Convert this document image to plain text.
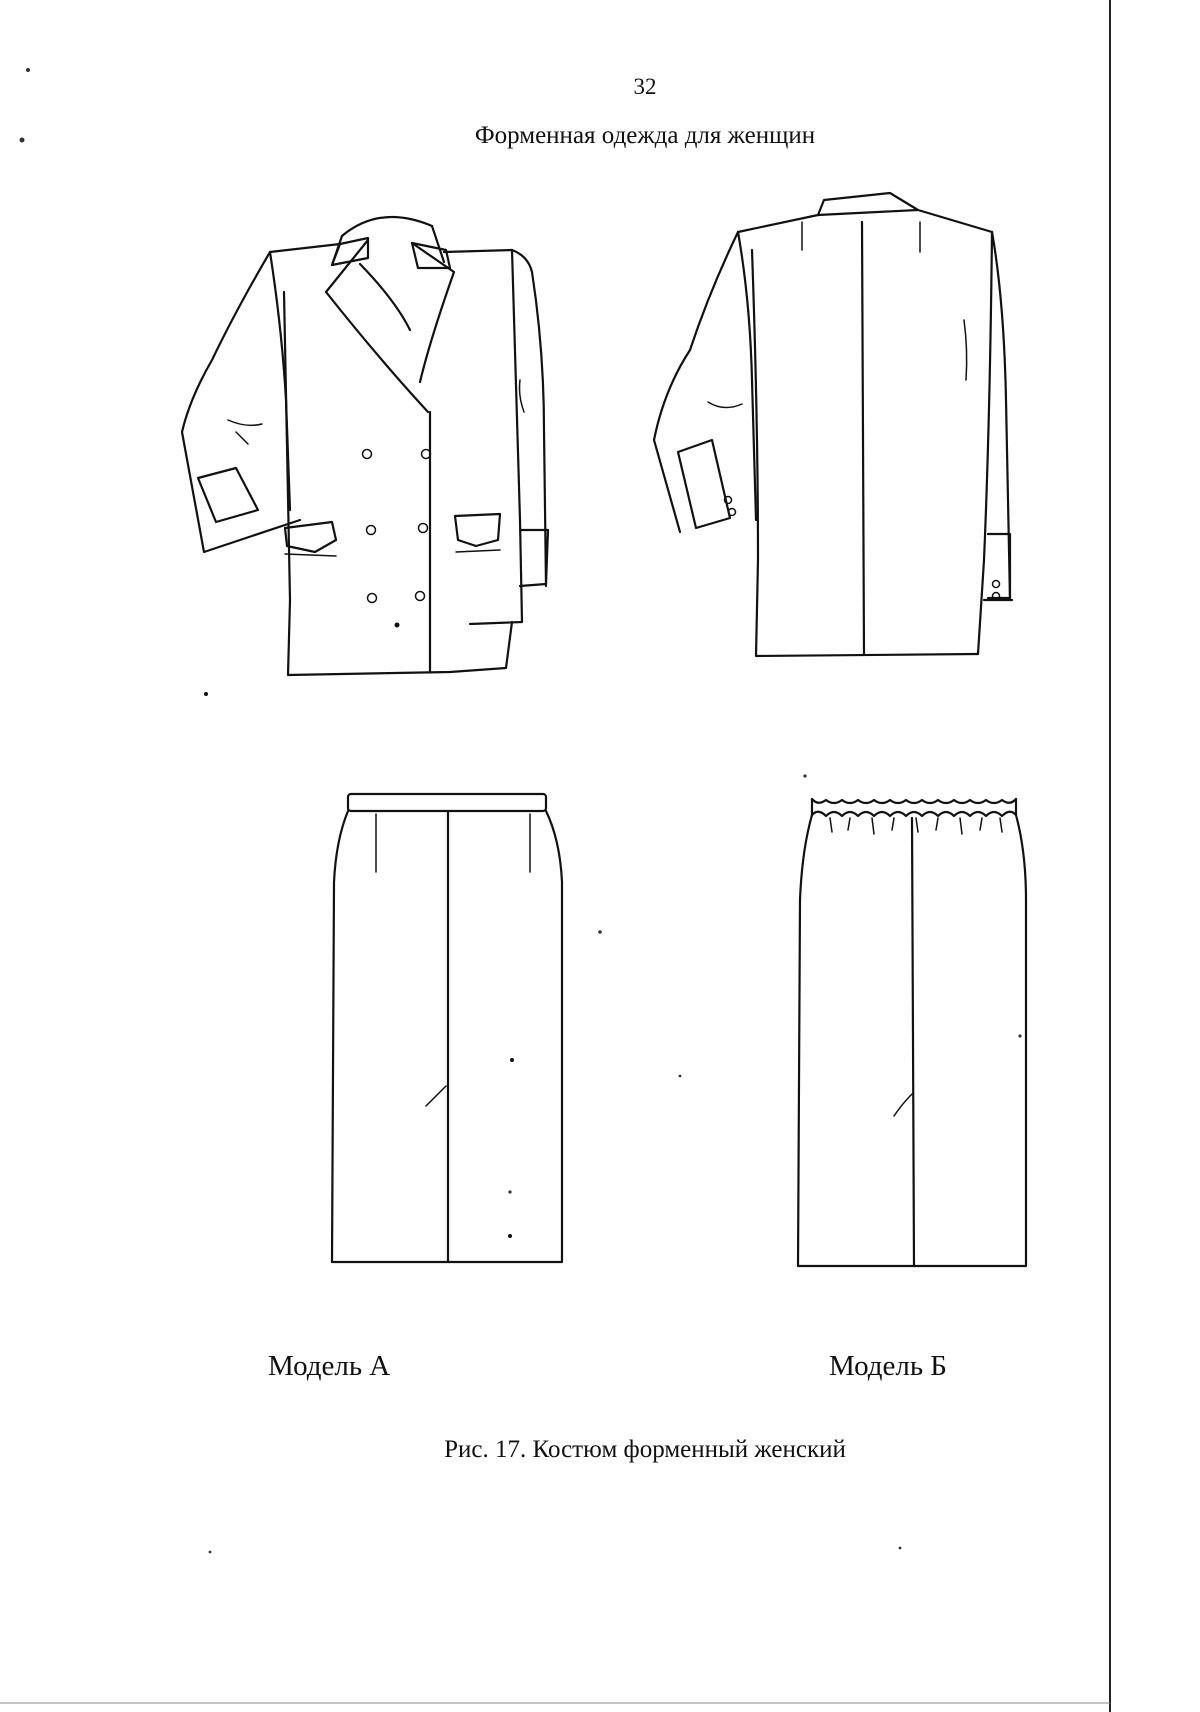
32
Форменная одежда для женщин
Модель А	Модель Б
Рис. 17. Костюм форменный женский
